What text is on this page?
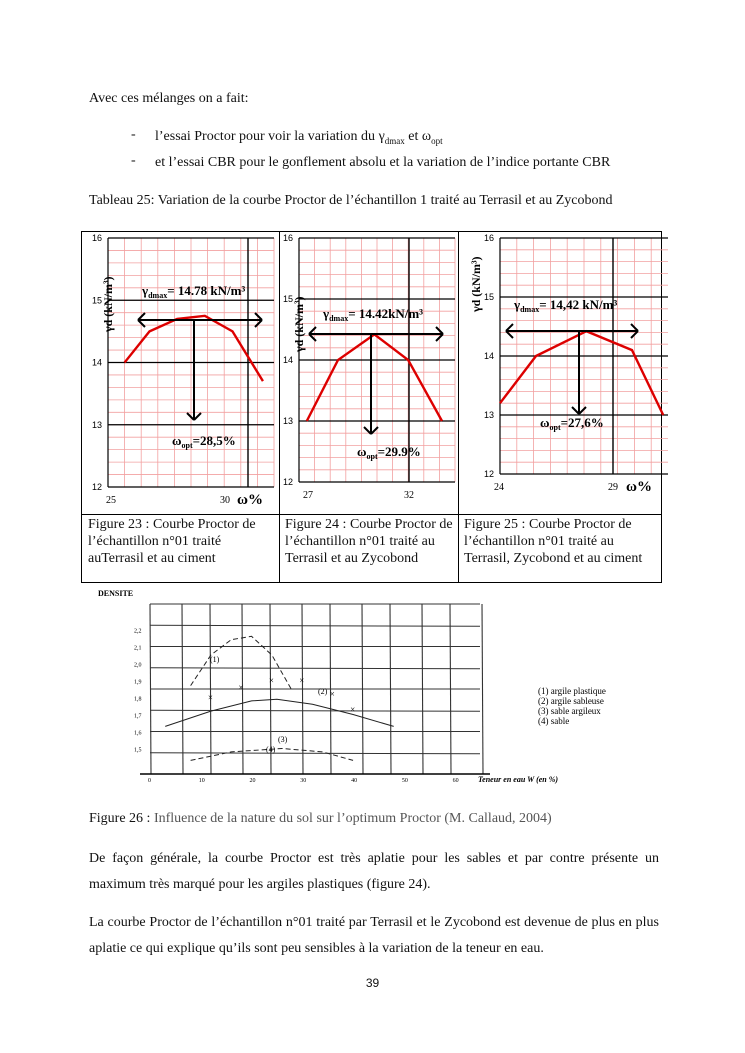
Avec ces mélanges on a fait:
- l’essai Proctor pour voir la variation du $\gamma_{dmax}$ et $\omega_{opt}$
- et l’essai CBR pour le gonflement absolu et la variation de l’indice portante CBR
Tableau 25: Variation de la courbe Proctor de l’échantillon 1 traité au Terrasil et au Zycobond
Figure 23 : Courbe Proctor de l’échantillon n°01 traité auTerrasil et au ciment
Figure 24 : Courbe Proctor de l’échantillon n°01 traité au Terrasil et au Zycobond
Figure 25 : Courbe Proctor de l’échantillon n°01 traité au Terrasil, Zycobond et au ciment
16
15
14
13
12
25	30 ω%
γd (kN/m³) $\gamma_{dmax}= 14.78$ kN/m³
$\omega_{opt}=28,5\%$
16
15
14
13
12
27	32
γd (kN/m³) $\gamma_{dmax}= 14.42kN/m^3$
$\omega_{opt}=29.9\%$
16
15
14
13
12
24	29 ω%
γd (kN/m³) $\gamma_{dmax}= 14,42$ kN/m³
$\omega_{opt}=27,6\%$
DENSITE
2,2
2,1
2,0
1,9
1,8
1,7
1,6
1,5
0	10	20	30	40	50	60 Teneur en eau W (en %)
×
×
×	×
×
×
(1)
(2)
(3)
(4)
(1) argile plastique
(2) argile sableuse
(3) sable argileux
(4) sable
Figure 26 : Influence de la nature du sol sur l’optimum Proctor (M. Callaud, 2004)
De façon générale, la courbe Proctor est très aplatie pour les sables et par contre présente un maximum très marqué pour les argiles plastiques (figure 24).
La courbe Proctor de l’échantillon n°01 traité par Terrasil et le Zycobond est devenue de plus en plus aplatie ce qui explique qu’ils sont peu sensibles à la variation de la teneur en eau.
39
